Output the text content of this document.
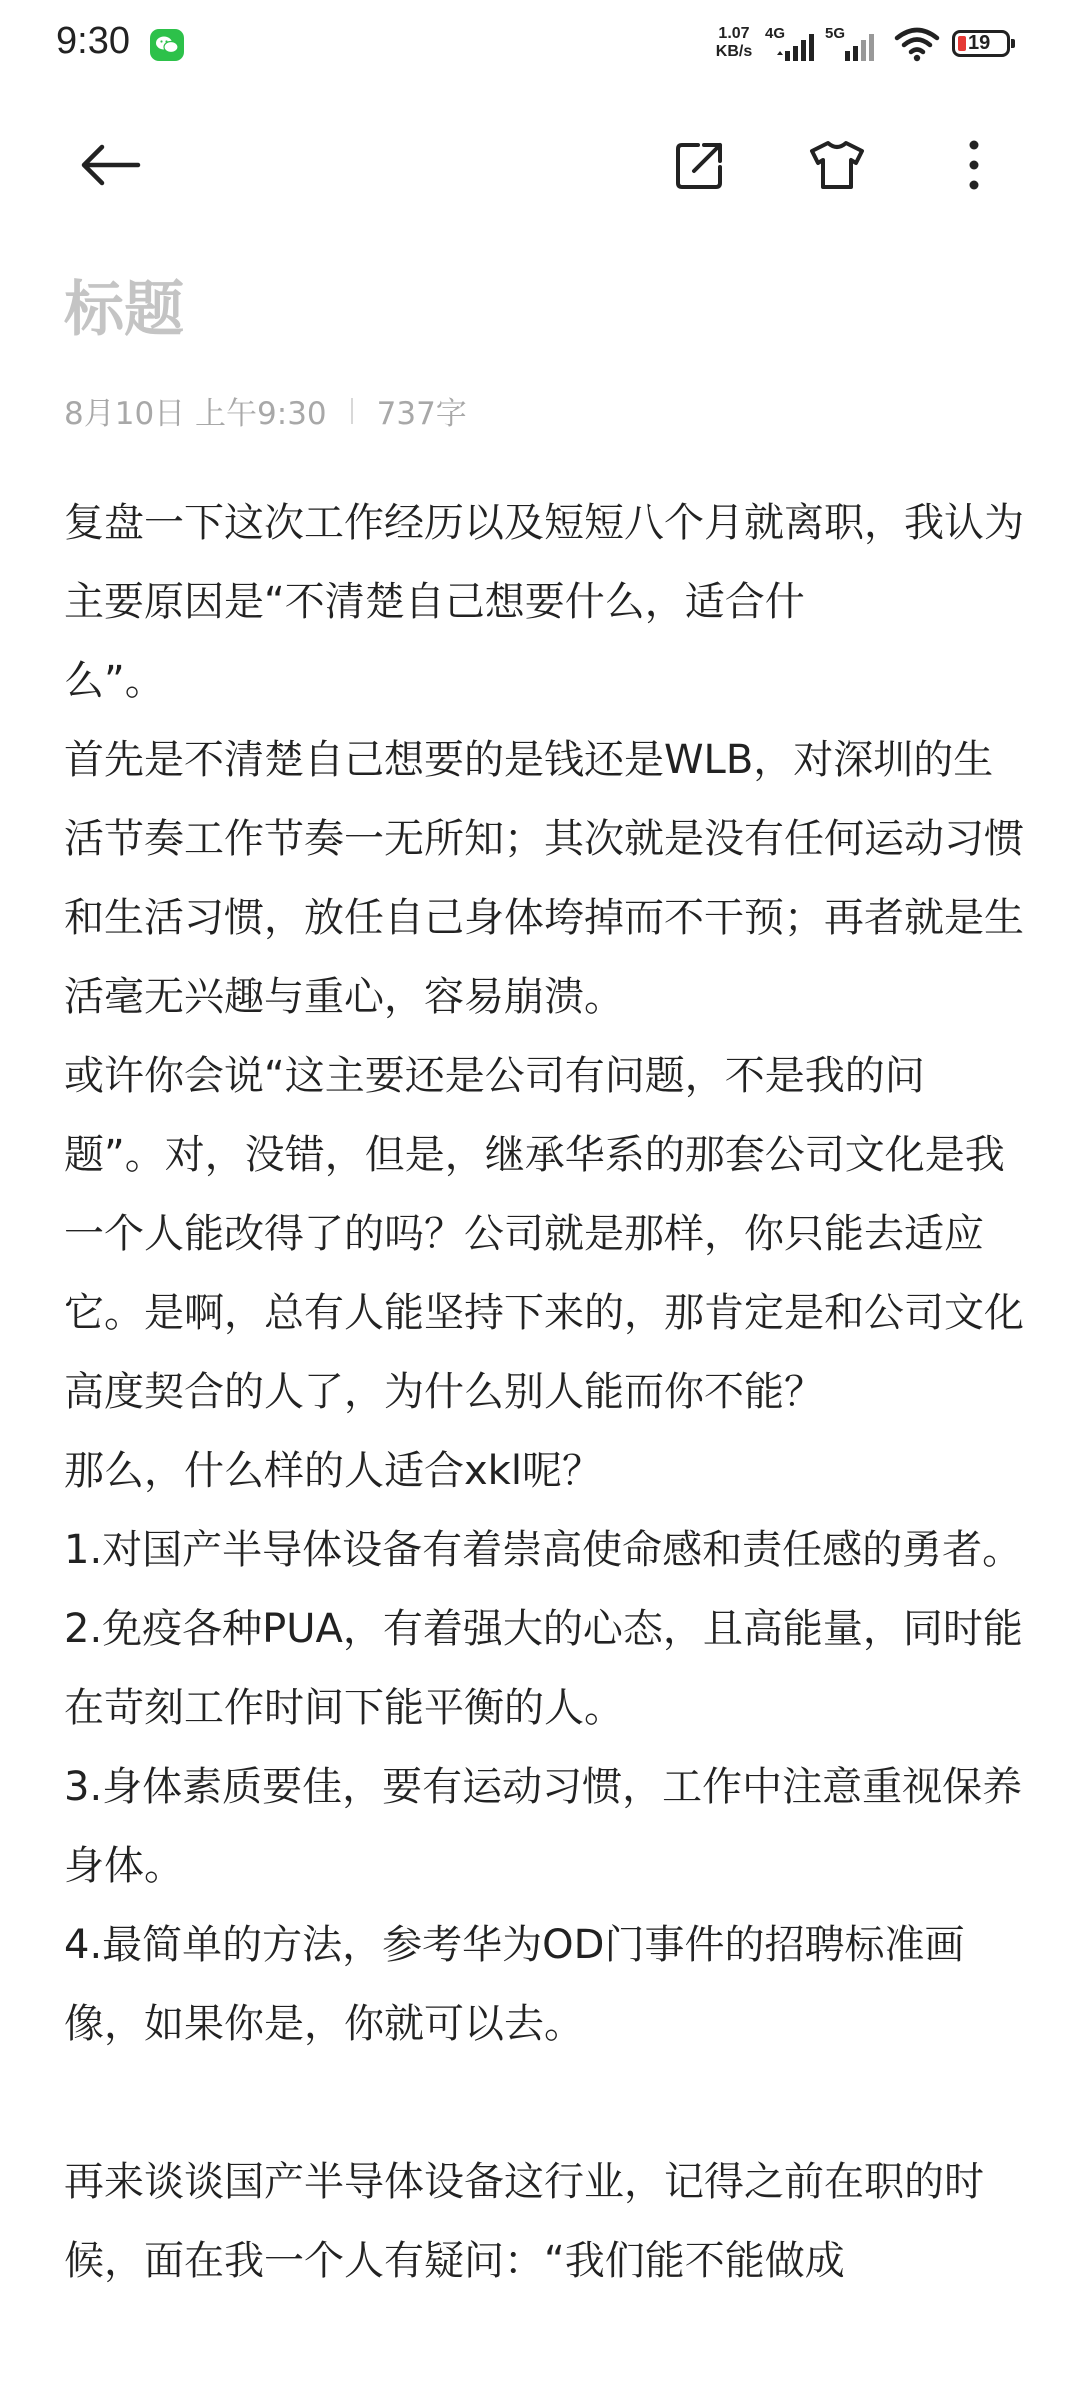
9:30	1.07
KB/s
4G	5G	19
标题
8月10日 上午9:30 737字

复盘一下这次工作经历以及短短八个月就离职，我认为主要原因是“不清楚自己想要什么，适合什
么”。

首先是不清楚自己想要的是钱还是WLB，对深圳的生活节奏工作节奏一无所知；其次就是没有任何运动习惯和生活习惯，放任自己身体垮掉而不干预；再者就是生活毫无兴趣与重心，容易崩溃。

或许你会说“这主要还是公司有问题，不是我的问题”。对，没错，但是，继承华系的那套公司文化是我一个人能改得了的吗？公司就是那样，你只能去适应它。是啊，总有人能坚持下来的，那肯定是和公司文化高度契合的人了，为什么别人能而你不能？

那么，什么样的人适合xkl呢？

1.对国产半导体设备有着崇高使命感和责任感的勇者。

2.免疫各种PUA，有着强大的心态，且高能量，同时能在苛刻工作时间下能平衡的人。

3.身体素质要佳，要有运动习惯，工作中注意重视保养身体。

4.最简单的方法，参考华为OD门事件的招聘标准画像，如果你是，你就可以去。

再来谈谈国产半导体设备这行业，记得之前在职的时候，面在我一个人有疑问：“我们能不能做成
